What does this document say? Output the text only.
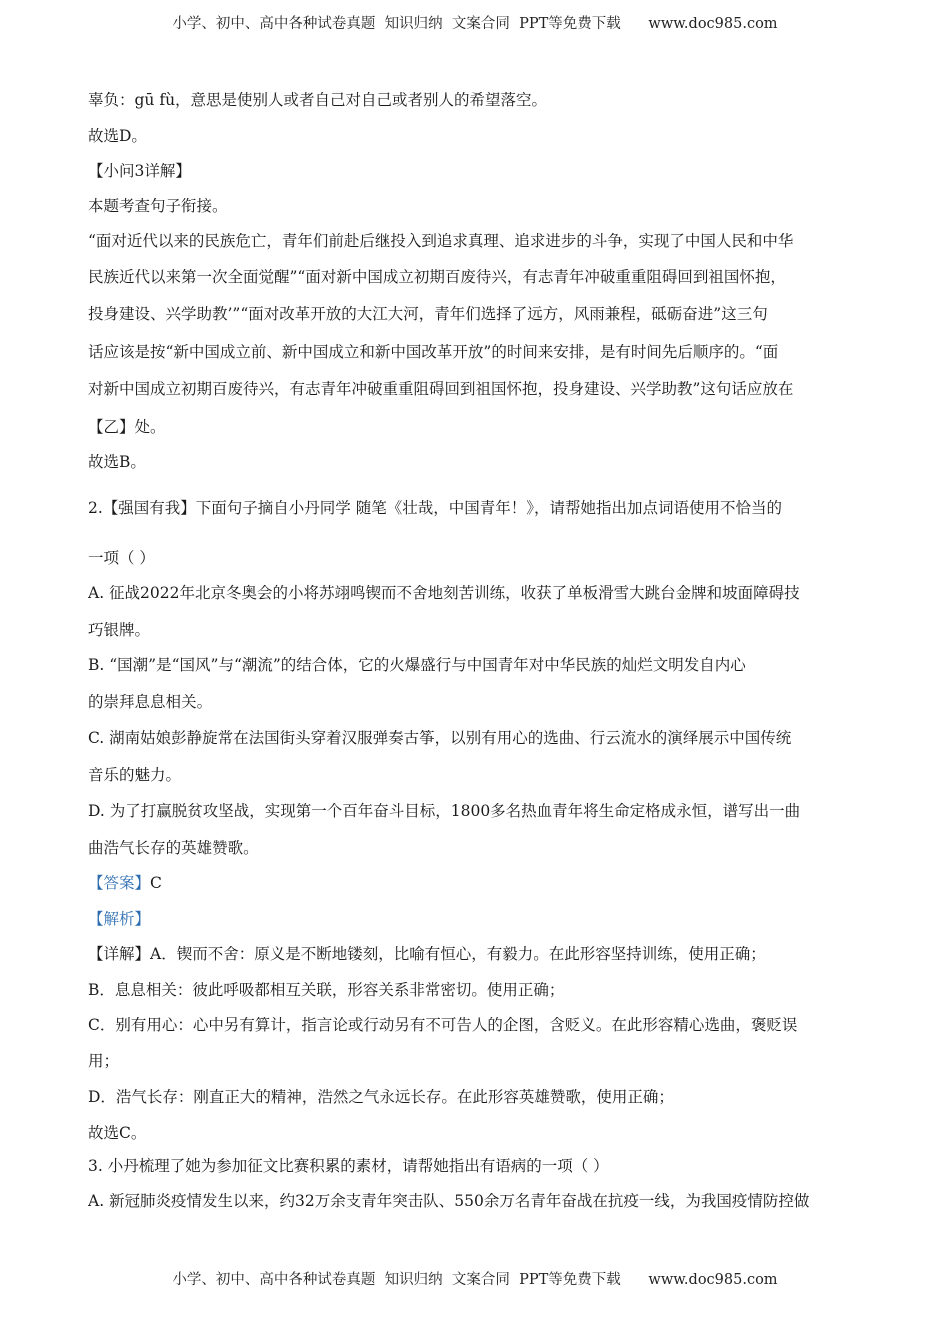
小学、初中、高中各种试卷真题  知识归纳  文案合同  PPT等免费下载      www.doc985.com
辜负：gū fù，意思是使别人或者自己对自己或者别人的希望落空。
故选D。
【小问3详解】
本题考查句子衔接。
“面对近代以来的民族危亡，青年们前赴后继投入到追求真理、追求进步的斗争，实现了中国人民和中华
民族近代以来第一次全面觉醒”“面对新中国成立初期百废待兴，有志青年冲破重重阻碍回到祖国怀抱，
投身建设、兴学助教’”“面对改革开放的大江大河，青年们选择了远方，风雨兼程，砥砺奋进”这三句
话应该是按“新中国成立前、新中国成立和新中国改革开放”的时间来安排，是有时间先后顺序的。“面
对新中国成立初期百废待兴，有志青年冲破重重阻碍回到祖国怀抱，投身建设、兴学助教”这句话应放在
【乙】处。
故选B。
2.【强国有我】下面句子摘自小丹同学 随笔《壮哉，中国青年！》，请帮她指出加点词语使用不恰当的
一项（ ）
A. 征战2022年北京冬奥会的小将苏翊鸣锲而不舍地刻苦训练，收获了单板滑雪大跳台金牌和坡面障碍技
巧银牌。
B. “国潮”是“国风”与“潮流”的结合体，它的火爆盛行与中国青年对中华民族的灿烂文明发自内心
的崇拜息息相关。
C. 湖南姑娘彭静旋常在法国街头穿着汉服弹奏古筝，以别有用心的选曲、行云流水的演绎展示中国传统
音乐的魅力。
D. 为了打赢脱贫攻坚战，实现第一个百年奋斗目标，1800多名热血青年将生命定格成永恒，谱写出一曲
曲浩气长存的英雄赞歌。
【答案】C
【解析】
【详解】A．锲而不舍：原义是不断地镂刻，比喻有恒心，有毅力。在此形容坚持训练，使用正确；
B．息息相关：彼此呼吸都相互关联，形容关系非常密切。使用正确；
C．别有用心：心中另有算计，指言论或行动另有不可告人的企图，含贬义。在此形容精心选曲，褒贬误
用；
D．浩气长存：刚直正大的精神，浩然之气永远长存。在此形容英雄赞歌，使用正确；
故选C。
3. 小丹梳理了她为参加征文比赛积累的素材，请帮她指出有语病的一项（ ）
A. 新冠肺炎疫情发生以来，约32万余支青年突击队、550余万名青年奋战在抗疫一线，为我国疫情防控做
小学、初中、高中各种试卷真题  知识归纳  文案合同  PPT等免费下载      www.doc985.com
